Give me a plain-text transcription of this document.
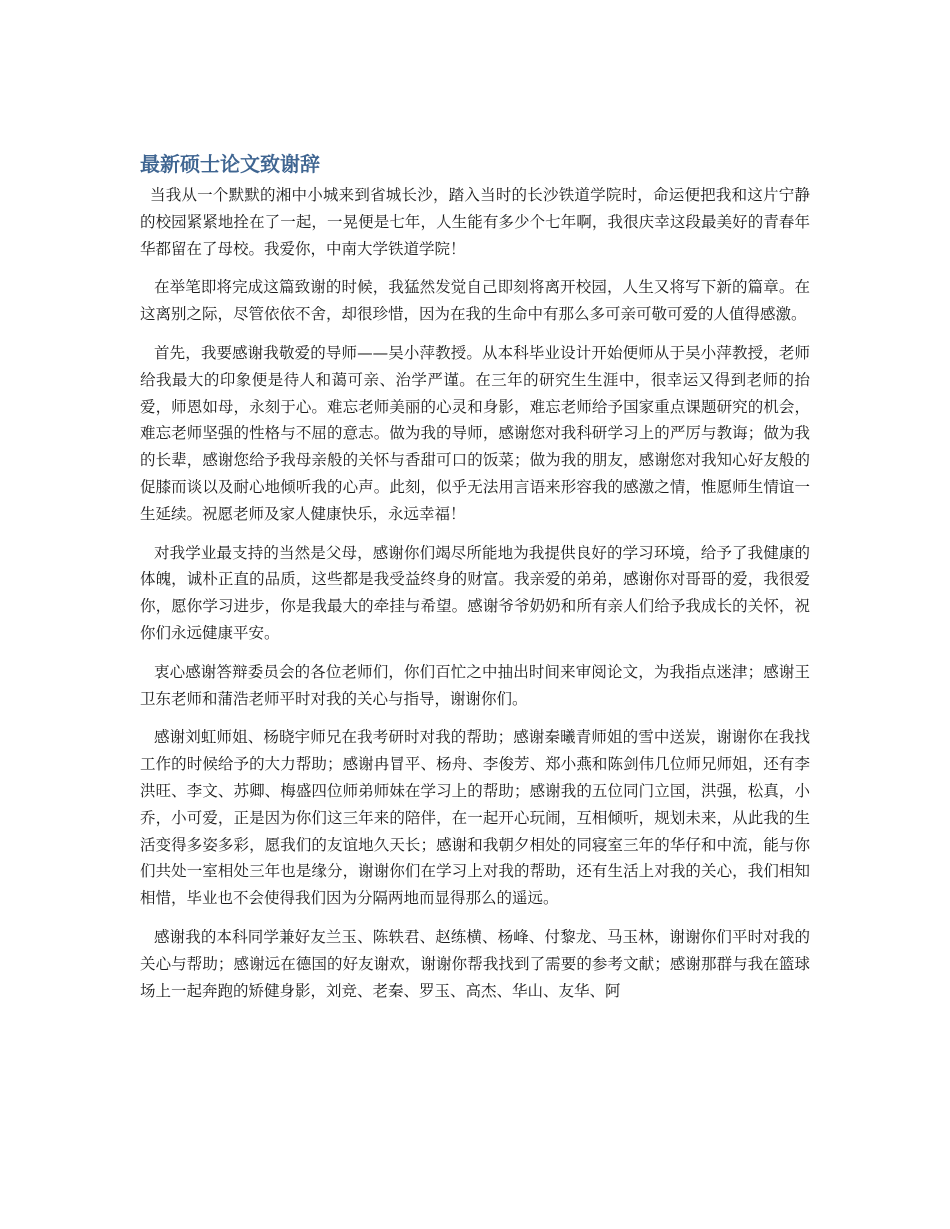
最新硕士论文致谢辞

当我从一个默默的湘中小城来到省城长沙，踏入当时的长沙铁道学院时，命运便把我和这片宁静的校园紧紧地拴在了一起，一晃便是七年，人生能有多少个七年啊，我很庆幸这段最美好的青春年华都留在了母校。我爱你，中南大学铁道学院！

在举笔即将完成这篇致谢的时候，我猛然发觉自己即刻将离开校园，人生又将写下新的篇章。在这离别之际，尽管依依不舍，却很珍惜，因为在我的生命中有那么多可亲可敬可爱的人值得感激。

首先，我要感谢我敬爱的导师——吴小萍教授。从本科毕业设计开始便师从于吴小萍教授，老师给我最大的印象便是待人和蔼可亲、治学严谨。在三年的研究生生涯中，很幸运又得到老师的抬爱，师恩如母，永刻于心。难忘老师美丽的心灵和身影，难忘老师给予国家重点课题研究的机会，难忘老师坚强的性格与不屈的意志。做为我的导师，感谢您对我科研学习上的严厉与教诲；做为我的长辈，感谢您给予我母亲般的关怀与香甜可口的饭菜；做为我的朋友，感谢您对我知心好友般的促膝而谈以及耐心地倾听我的心声。此刻，似乎无法用言语来形容我的感激之情，惟愿师生情谊一生延续。祝愿老师及家人健康快乐，永远幸福！

对我学业最支持的当然是父母，感谢你们竭尽所能地为我提供良好的学习环境，给予了我健康的体魄，诚朴正直的品质，这些都是我受益终身的财富。我亲爱的弟弟，感谢你对哥哥的爱，我很爱你，愿你学习进步，你是我最大的牵挂与希望。感谢爷爷奶奶和所有亲人们给予我成长的关怀，祝你们永远健康平安。

衷心感谢答辩委员会的各位老师们，你们百忙之中抽出时间来审阅论文，为我指点迷津；感谢王卫东老师和蒲浩老师平时对我的关心与指导，谢谢你们。

感谢刘虹师姐、杨晓宇师兄在我考研时对我的帮助；感谢秦曦青师姐的雪中送炭，谢谢你在我找工作的时候给予的大力帮助；感谢冉冒平、杨舟、李俊芳、郑小燕和陈剑伟几位师兄师姐，还有李洪旺、李文、苏卿、梅盛四位师弟师妹在学习上的帮助；感谢我的五位同门立国，洪强，松真，小乔，小可爱，正是因为你们这三年来的陪伴，在一起开心玩闹，互相倾听，规划未来，从此我的生活变得多姿多彩，愿我们的友谊地久天长；感谢和我朝夕相处的同寝室三年的华仔和中流，能与你们共处一室相处三年也是缘分，谢谢你们在学习上对我的帮助，还有生活上对我的关心，我们相知相惜，毕业也不会使得我们因为分隔两地而显得那么的遥远。

感谢我的本科同学兼好友兰玉、陈轶君、赵练横、杨峰、付黎龙、马玉林，谢谢你们平时对我的关心与帮助；感谢远在德国的好友谢欢，谢谢你帮我找到了需要的参考文献；感谢那群与我在篮球场上一起奔跑的矫健身影，刘竞、老秦、罗玉、高杰、华山、友华、阿
